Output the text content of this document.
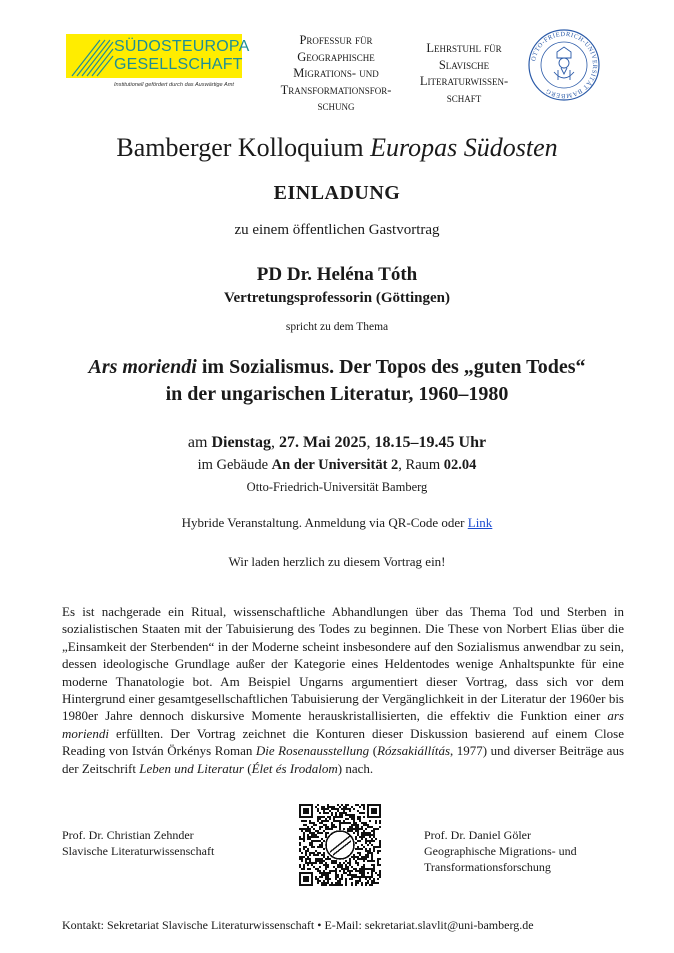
SÜDOSTEUROPA
GESELLSCHAFT
Institutionell gefördert durch das Auswärtige Amt
Professur für
Geographische
Migrations- und
Transformationsfor-
schung
Lehrstuhl für
Slavische
Literaturwissen-
schaft
OTTO-FRIEDRICH-UNIVERSITÄT BAMBERG
Bamberger Kolloquium Europas Südosten
EINLADUNG
zu einem öffentlichen Gastvortrag
PD Dr. Heléna Tóth
Vertretungsprofessorin (Göttingen)
spricht zu dem Thema
Ars moriendi im Sozialismus. Der Topos des „guten Todes“
in der ungarischen Literatur, 1960–1980
am Dienstag, 27. Mai 2025, 18.15–19.45 Uhr
im Gebäude An der Universität 2, Raum 02.04
Otto-Friedrich-Universität Bamberg
Hybride Veranstaltung. Anmeldung via QR-Code oder Link
Wir laden herzlich zu diesem Vortrag ein!
Es ist nachgerade ein Ritual, wissenschaftliche Abhandlungen über das Thema Tod und Sterben in sozialistischen Staaten mit der Tabuisierung des Todes zu beginnen. Die These von Norbert Elias über die „Einsamkeit der Sterbenden“ in der Moderne scheint insbesondere auf den Sozialismus anwendbar zu sein, dessen ideologische Grundlage außer der Kategorie eines Heldentodes wenige Anhaltspunkte für eine moderne Thanatologie bot. Am Beispiel Ungarns argumentiert dieser Vortrag, dass sich vor dem Hintergrund einer gesamtgesellschaftlichen Tabuisierung der Vergänglichkeit in der Literatur der 1960er bis 1980er Jahre dennoch diskursive Momente herauskristallisierten, die effektiv die Funktion einer ars moriendi erfüllten. Der Vortrag zeichnet die Konturen dieser Diskussion basierend auf einem Close Reading von István Örkénys Roman Die Rosenausstellung (Rózsakiállítás, 1977) und diverser Beiträge aus der Zeitschrift Leben und Literatur (Élet és Irodalom) nach.
Prof. Dr. Christian Zehnder
Slavische Literaturwissenschaft
Prof. Dr. Daniel Göler
Geographische Migrations- und
Transformationsforschung
Kontakt: Sekretariat Slavische Literaturwissenschaft • E-Mail: sekretariat.slavlit@uni-bamberg.de
